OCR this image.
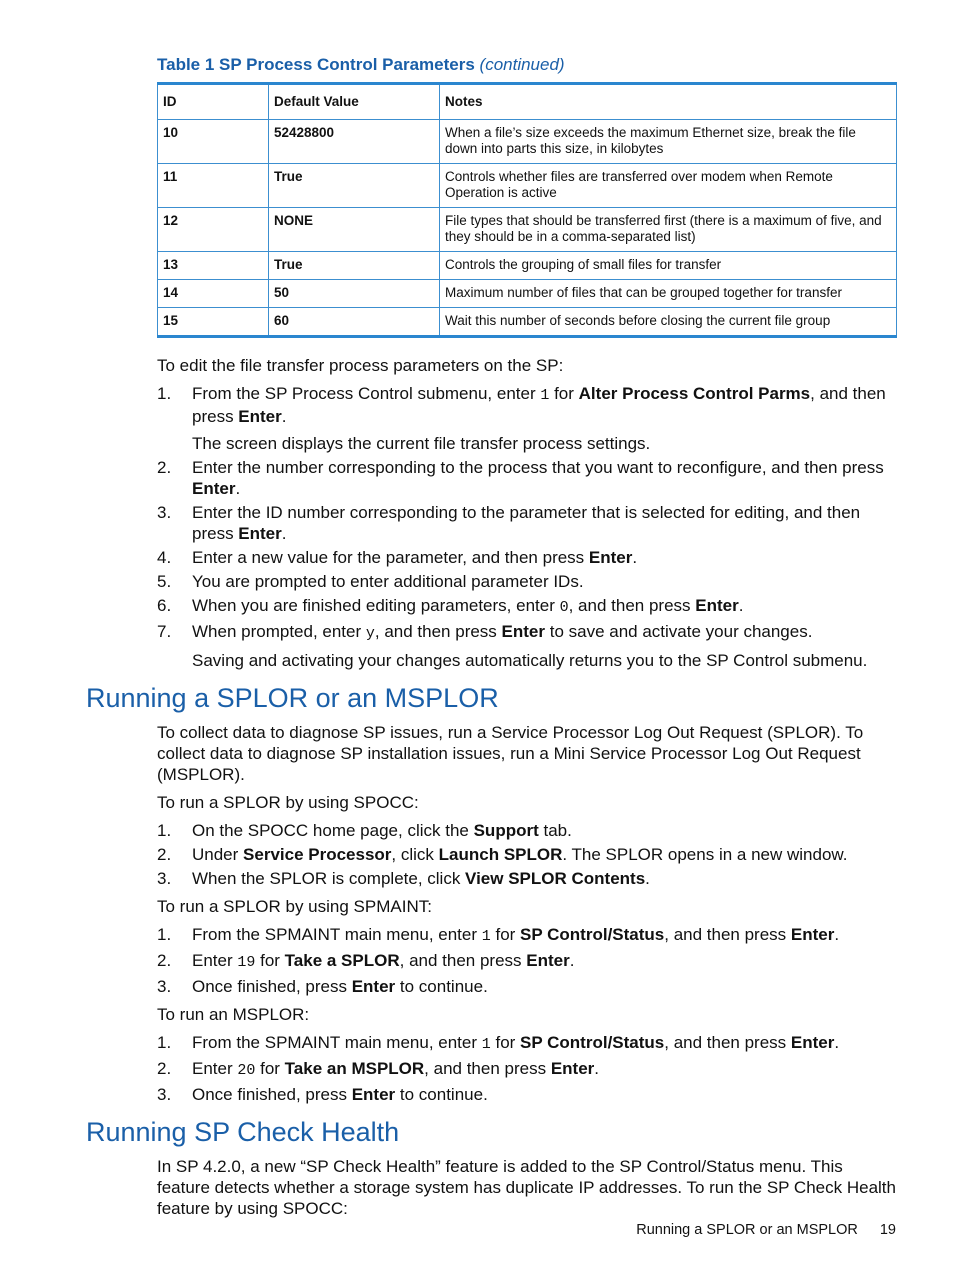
Table 1 SP Process Control Parameters (continued)
ID	Default Value	Notes
10	52428800	When a file’s size exceeds the maximum Ethernet size, break the file down into parts this size, in kilobytes
11	True	Controls whether files are transferred over modem when Remote Operation is active
12	NONE	File types that should be transferred first (there is a maximum of five, and they should be in a comma-separated list)
13	True	Controls the grouping of small files for transfer
14	50	Maximum number of files that can be grouped together for transfer
15	60	Wait this number of seconds before closing the current file group

To edit the file transfer process parameters on the SP:

1. From the SP Process Control submenu, enter 1 for Alter Process Control Parms, and then press Enter.
The screen displays the current file transfer process settings.
2. Enter the number corresponding to the process that you want to reconfigure, and then press Enter.
3. Enter the ID number corresponding to the parameter that is selected for editing, and then press Enter.
4. Enter a new value for the parameter, and then press Enter.
5. You are prompted to enter additional parameter IDs.
6. When you are finished editing parameters, enter 0, and then press Enter.
7. When prompted, enter y, and then press Enter to save and activate your changes.
Saving and activating your changes automatically returns you to the SP Control submenu.
Running a SPLOR or an MSPLOR

To collect data to diagnose SP issues, run a Service Processor Log Out Request (SPLOR). To collect data to diagnose SP installation issues, run a Mini Service Processor Log Out Request (MSPLOR).

To run a SPLOR by using SPOCC:

1. On the SPOCC home page, click the Support tab.
2. Under Service Processor, click Launch SPLOR. The SPLOR opens in a new window.
3. When the SPLOR is complete, click View SPLOR Contents.

To run a SPLOR by using SPMAINT:

1. From the SPMAINT main menu, enter 1 for SP Control/Status, and then press Enter.
2. Enter 19 for Take a SPLOR, and then press Enter.
3. Once finished, press Enter to continue.

To run an MSPLOR:

1. From the SPMAINT main menu, enter 1 for SP Control/Status, and then press Enter.
2. Enter 20 for Take an MSPLOR, and then press Enter.
3. Once finished, press Enter to continue.
Running SP Check Health

In SP 4.2.0, a new “SP Check Health” feature is added to the SP Control/Status menu. This feature detects whether a storage system has duplicate IP addresses. To run the SP Check Health feature by using SPOCC:

Running a SPLOR or an MSPLOR 19
